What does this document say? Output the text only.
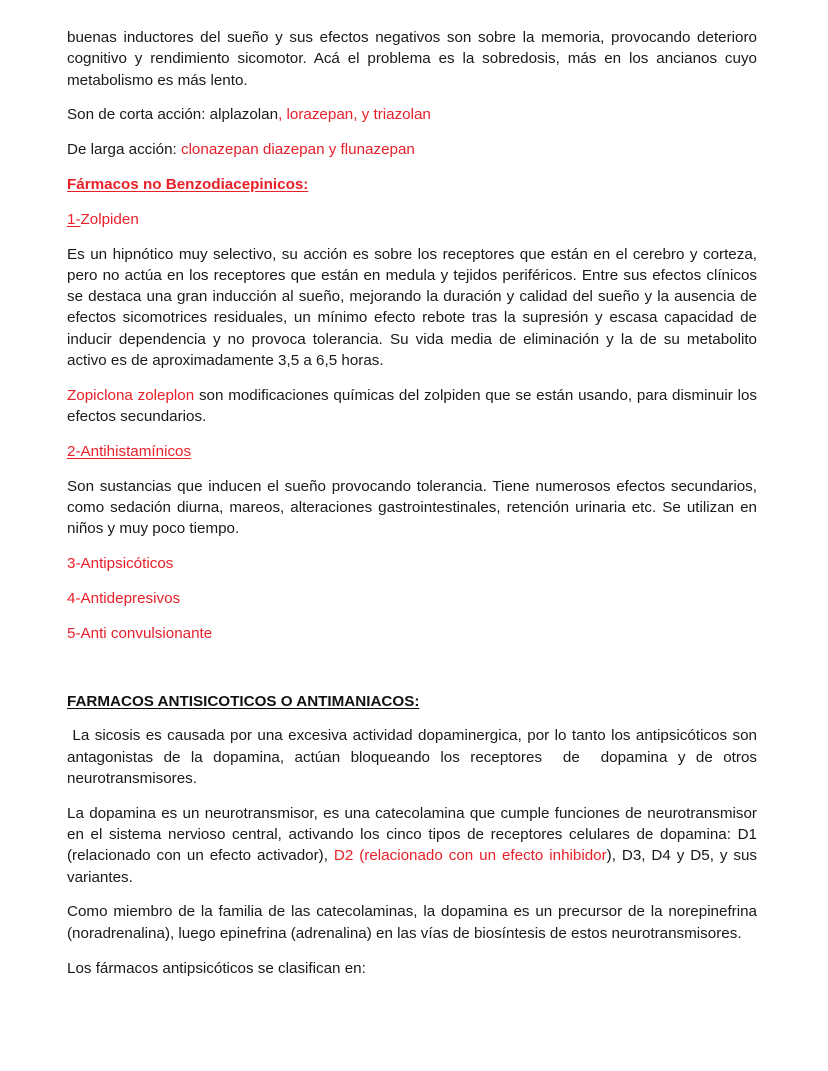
buenas inductores del sueño y sus efectos negativos son sobre la memoria, provocando deterioro cognitivo y rendimiento sicomotor. Acá el problema es la sobredosis, más en los ancianos cuyo metabolismo es más lento.

Son de corta acción: alplazolan, lorazepan, y triazolan

De larga acción: clonazepan diazepan y flunazepan

Fármacos no Benzodiacepinicos:

1-Zolpiden

Es un hipnótico muy selectivo, su acción es sobre los receptores que están en el cerebro y corteza, pero no actúa en los receptores que están en medula y tejidos periféricos. Entre sus efectos clínicos se destaca una gran inducción al sueño, mejorando la duración y calidad del sueño y la ausencia de efectos sicomotrices residuales, un mínimo efecto rebote tras la supresión y escasa capacidad de inducir dependencia y no provoca tolerancia. Su vida media de eliminación y la de su metabolito activo es de aproximadamente 3,5 a 6,5 horas.

Zopiclona zoleplon son modificaciones químicas del zolpiden que se están usando, para disminuir los efectos secundarios.

2-Antihistamínicos

Son sustancias que inducen el sueño provocando tolerancia. Tiene numerosos efectos secundarios, como sedación diurna, mareos, alteraciones gastrointestinales, retención urinaria etc. Se utilizan en niños y muy poco tiempo.

3-Antipsicóticos

4-Antidepresivos

5-Anti convulsionante

FARMACOS ANTISICOTICOS O ANTIMANIACOS:

La sicosis es causada por una excesiva actividad dopaminergica, por lo tanto los antipsicóticos son antagonistas de la dopamina, actúan bloqueando los receptores  de  dopamina y de otros neurotransmisores.

La dopamina es un neurotransmisor, es una catecolamina que cumple funciones de neurotransmisor en el sistema nervioso central, activando los cinco tipos de receptores celulares de dopamina: D1 (relacionado con un efecto activador), D2 (relacionado con un efecto inhibidor), D3, D4 y D5, y sus variantes.

Como miembro de la familia de las catecolaminas, la dopamina es un precursor de la norepinefrina (noradrenalina), luego epinefrina (adrenalina) en las vías de biosíntesis de estos neurotransmisores.

Los fármacos antipsicóticos se clasifican en:
